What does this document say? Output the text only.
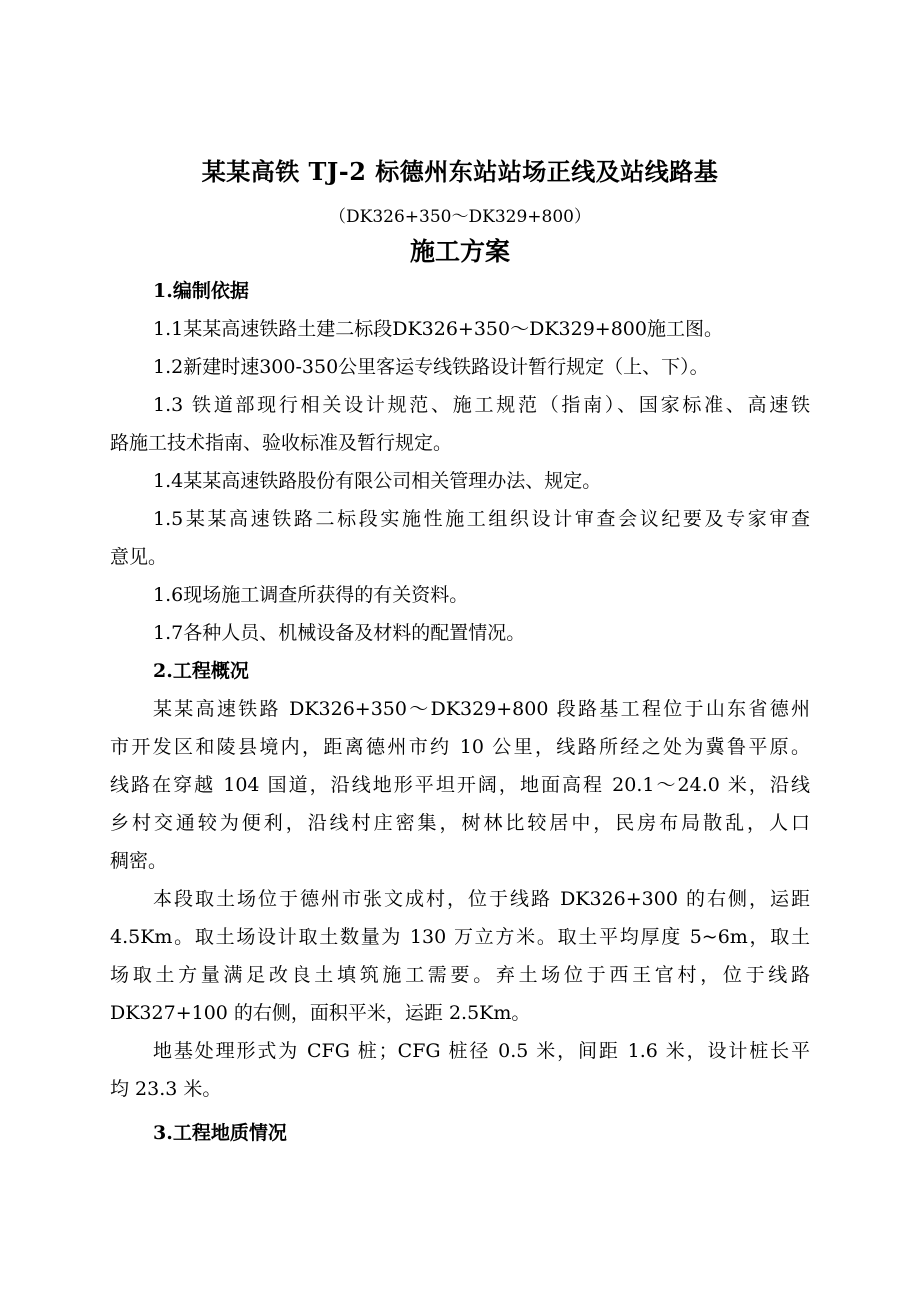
某某高铁 TJ-2 标德州东站站场正线及站线路基
（DK326+350～DK329+800）
施工方案
1.编制依据
1.1某某高速铁路土建二标段DK326+350～DK329+800施工图。
1.2新建时速300-350公里客运专线铁路设计暂行规定（上、下）。
1.3 铁道部现行相关设计规范、施工规范（指南）、国家标准、高速铁
路施工技术指南、验收标准及暂行规定。
1.4某某高速铁路股份有限公司相关管理办法、规定。
1.5某某高速铁路二标段实施性施工组织设计审查会议纪要及专家审查
意见。
1.6现场施工调查所获得的有关资料。
1.7各种人员、机械设备及材料的配置情况。
2.工程概况
某某高速铁路 DK326+350～DK329+800 段路基工程位于山东省德州
市开发区和陵县境内，距离德州市约 10 公里，线路所经之处为冀鲁平原。
线路在穿越 104 国道，沿线地形平坦开阔，地面高程 20.1～24.0 米，沿线
乡村交通较为便利，沿线村庄密集，树林比较居中，民房布局散乱，人口
稠密。
本段取土场位于德州市张文成村，位于线路 DK326+300 的右侧，运距
4.5Km。取土场设计取土数量为 130 万立方米。取土平均厚度 5~6m，取土
场取土方量满足改良土填筑施工需要。弃土场位于西王官村，位于线路
DK327+100 的右侧，面积平米，运距 2.5Km。
地基处理形式为 CFG 桩；CFG 桩径 0.5 米，间距 1.6 米，设计桩长平
均 23.3 米。
3.工程地质情况
